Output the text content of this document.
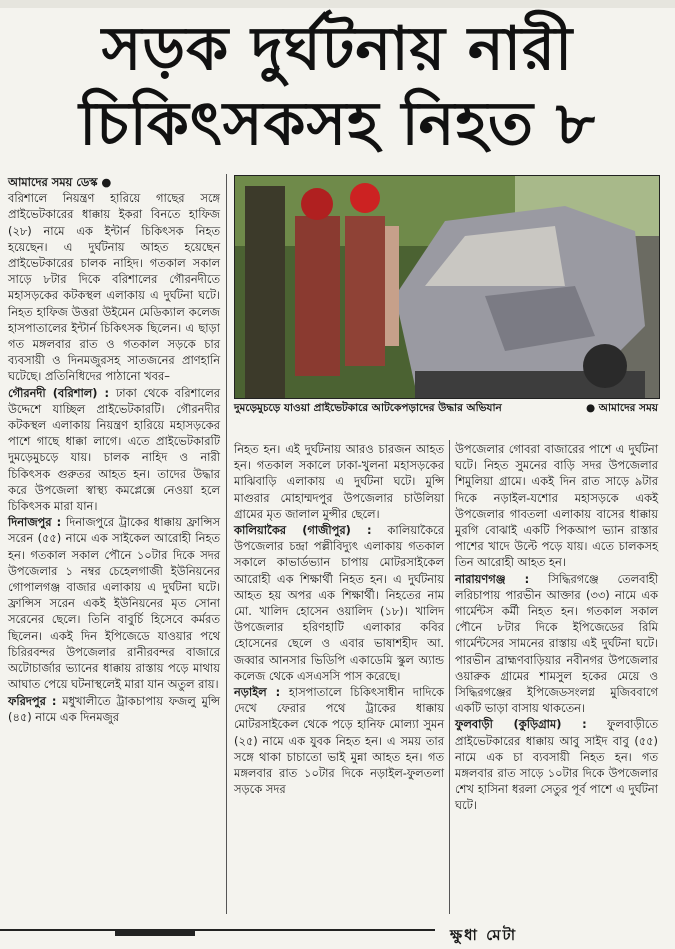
সড়ক দুর্ঘটনায় নারী
চিকিৎসকসহ নিহত ৮

আমাদের সময় ডেস্ক ●

বরিশালে নিয়ন্ত্রণ হারিয়ে গাছের সঙ্গে প্রাইভেটকারের ধাক্কায় ইকরা বিনতে হাফিজ (২৮) নামে এক ইন্টার্ন চিকিৎসক নিহত হয়েছেন। এ দুর্ঘটনায় আহত হয়েছেন প্রাইভেটকারের চালক নাহিদ। গতকাল সকাল সাড়ে ৮টার দিকে বরিশালের গৌরনদীতে মহাসড়কের কটকস্থল এলাকায় এ দুর্ঘটনা ঘটে। নিহত হাফিজ উত্তরা উইমেন মেডিক্যাল কলেজ হাসপাতালের ইন্টার্ন চিকিৎসক ছিলেন। এ ছাড়া গত মঙ্গলবার রাত ও গতকাল সড়কে চার ব্যবসায়ী ও দিনমজুরসহ সাতজনের প্রাণহানি ঘটেছে। প্রতিনিধিদের পাঠানো খবর–

গৌরনদী (বরিশাল) : ঢাকা থেকে বরিশালের উদ্দেশে যাচ্ছিল প্রাইভেটকারটি। গৌরনদীর কটকস্থল এলাকায় নিয়ন্ত্রণ হারিয়ে মহাসড়কের পাশে গাছে ধাক্কা লাগে। এতে প্রাইভেটকারটি দুমড়েমুচড়ে যায়। চালক নাহিদ ও নারী চিকিৎসক গুরুতর আহত হন। তাদের উদ্ধার করে উপজেলা স্বাস্থ্য কমপ্লেক্সে নেওয়া হলে চিকিৎসক মারা যান।

দিনাজপুর : দিনাজপুরে ট্রাকের ধাক্কায় ফ্রান্সিস সরেন (৫৫) নামে এক সাইকেল আরোহী নিহত হন। গতকাল সকাল পৌনে ১০টার দিকে সদর উপজেলার ১ নম্বর চেহেলগাজী ইউনিয়নের গোপালগঞ্জ বাজার এলাকায় এ দুর্ঘটনা ঘটে। ফ্রান্সিস সরেন একই ইউনিয়নের মৃত সোনা সরেনের ছেলে। তিনি বাবুর্চি হিসেবে কর্মরত ছিলেন। একই দিন ইপিজেডে যাওয়ার পথে চিরিরবন্দর উপজেলার রানীরবন্দর বাজারে অটোচার্জার ভ্যানের ধাক্কায় রাস্তায় পড়ে মাথায় আঘাত পেয়ে ঘটনাস্থলেই মারা যান অতুল রায়।

ফরিদপুর : মধুখালীতে ট্রাকচাপায় ফজলু মুন্সি (৪৫) নামে এক দিনমজুর

দুমড়েমুচড়ে যাওয়া প্রাইভেটকারে আটকেপড়াদের উদ্ধার অভিযান	● আমাদের সময়

নিহত হন। এই দুর্ঘটনায় আরও চারজন আহত হন। গতকাল সকালে ঢাকা-খুলনা মহাসড়কের মাঝিবাড়ি এলাকায় এ দুর্ঘটনা ঘটে। মুন্সি মাগুরার মোহাম্মদপুর উপজেলার চাউলিয়া গ্রামের মৃত জালাল মুন্সীর ছেলে।

কালিয়াকৈর (গাজীপুর) : কালিয়াকৈরে উপজেলার চন্দ্রা পল্লীবিদ্যুৎ এলাকায় গতকাল সকালে কাভার্ডভ্যান চাপায় মোটরসাইকেল আরোহী এক শিক্ষার্থী নিহত হন। এ দুর্ঘটনায় আহত হয় অপর এক শিক্ষার্থী। নিহতের নাম মো. খালিদ হোসেন ওয়ালিদ (১৮)। খালিদ উপজেলার হরিণহাটি এলাকার কবির হোসেনের ছেলে ও এবার ভাষাশহীদ আ. জব্বার আনসার ভিডিপি একাডেমি স্কুল অ্যান্ড কলেজ থেকে এসএসসি পাস করেছে।

নড়াইল : হাসপাতালে চিকিৎসাধীন দাদিকে দেখে ফেরার পথে ট্রাকের ধাক্কায় মোটরসাইকেল থেকে পড়ে হানিফ মোল্যা সুমন (২৫) নামে এক যুবক নিহত হন। এ সময় তার সঙ্গে থাকা চাচাতো ভাই মুন্না আহত হন। গত মঙ্গলবার রাত ১০টার দিকে নড়াইল-ফুলতলা সড়কে সদর

উপজেলার গোবরা বাজারের পাশে এ দুর্ঘটনা ঘটে। নিহত সুমনের বাড়ি সদর উপজেলার শিমুলিয়া গ্রামে। একই দিন রাত সাড়ে ৯টার দিকে নড়াইল-যশোর মহাসড়কে একই উপজেলার গাবতলা এলাকায় বাসের ধাক্কায় মুরগি বোঝাই একটি পিকআপ ভ্যান রাস্তার পাশের খাদে উল্টে পড়ে যায়। এতে চালকসহ তিন আরোহী আহত হন।

নারায়ণগঞ্জ : সিদ্ধিরগঞ্জে তেলবাহী লরিচাপায় পারভীন আক্তার (৩৩) নামে এক গার্মেন্টস কর্মী নিহত হন। গতকাল সকাল পৌনে ৮টার দিকে ইপিজেডের রিমি গার্মেন্টসের সামনের রাস্তায় এই দুর্ঘটনা ঘটে। পারভীন ব্রাহ্মণবাড়িয়ার নবীনগর উপজেলার ওয়ারুক গ্রামের শামসুল হকের মেয়ে ও সিদ্ধিরগঞ্জের ইপিজেডসংলগ্ন মুজিববাগে একটি ভাড়া বাসায় থাকতেন।

ফুলবাড়ী (কুড়িগ্রাম) : ফুলবাড়ীতে প্রাইভেটকারের ধাক্কায় আবু সাইদ বাবু (৫৫) নামে এক চা ব্যবসায়ী নিহত হন। গত মঙ্গলবার রাত সাড়ে ১০টার দিকে উপজেলার শেখ হাসিনা ধরলা সেতুর পূর্ব পাশে এ দুর্ঘটনা ঘটে।

ক্ষুধা মেটা
